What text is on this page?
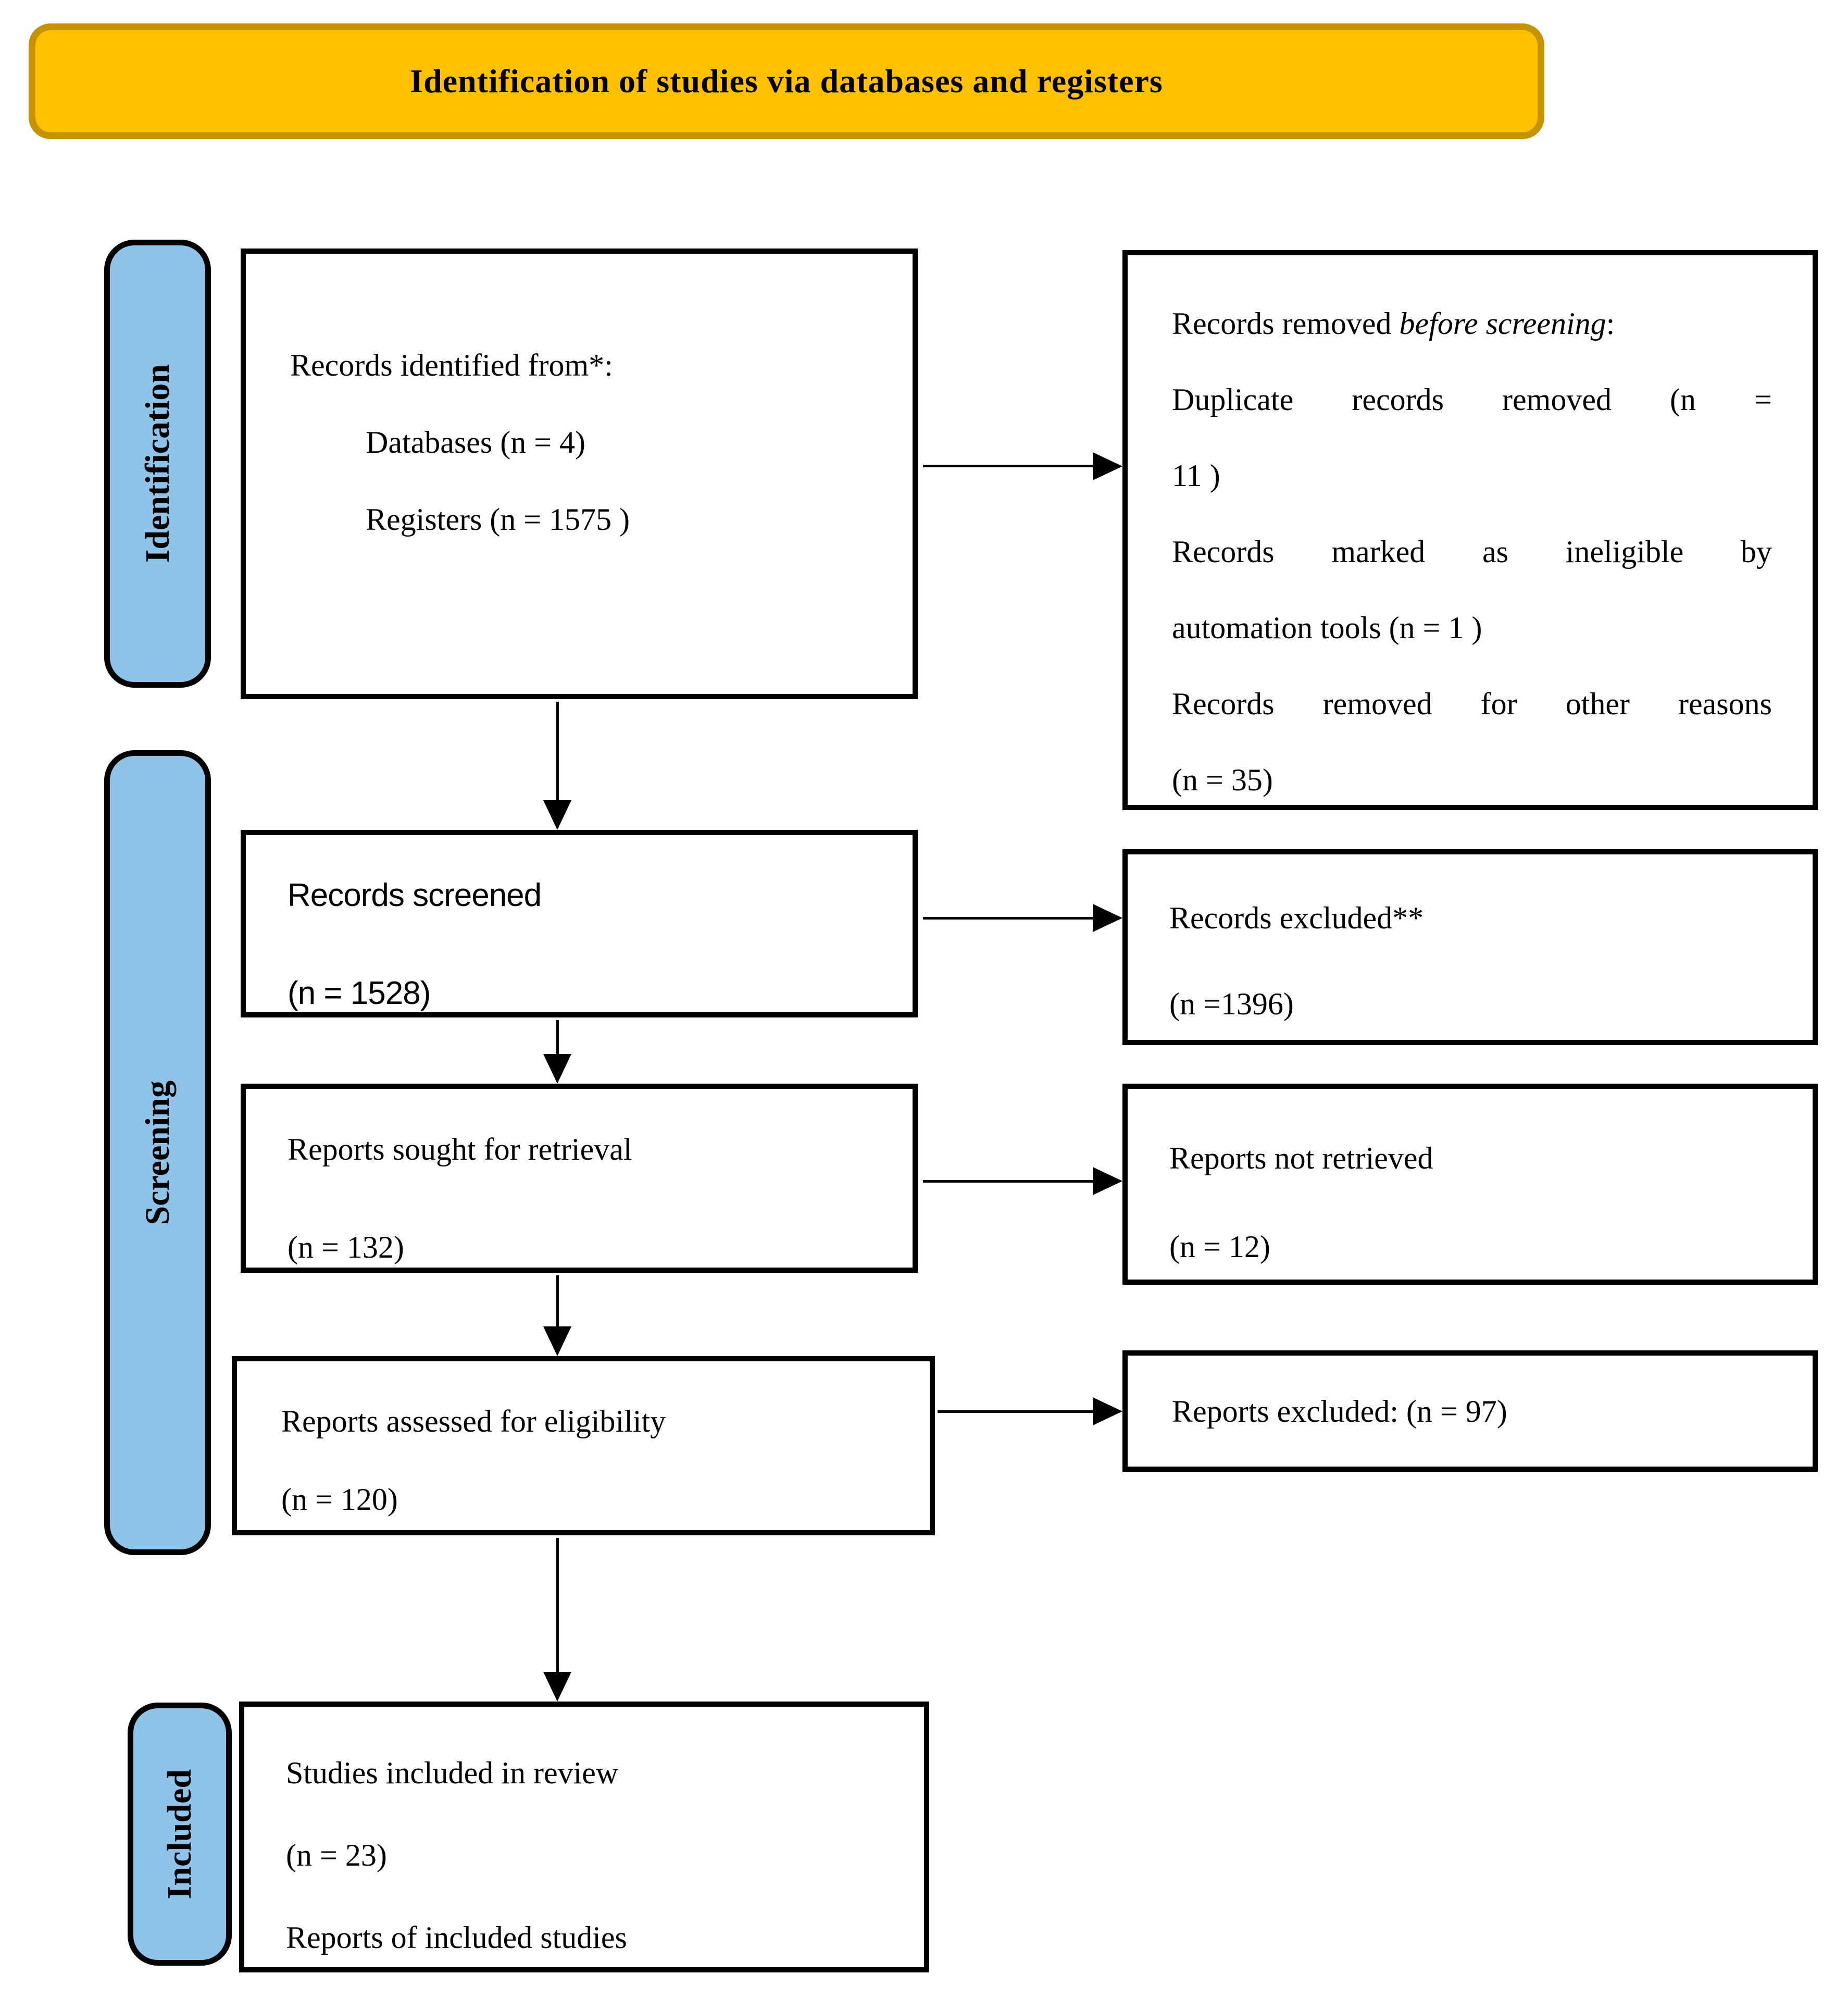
Identification of studies via databases and registers
Identification
Screening
Included
Records identified from*:
Databases (n = 4)
Registers (n = 1575 )
Records removed before screening:
Duplicate records removed (n =
11 )
Records marked as ineligible by
automation tools (n = 1 )
Records removed for other reasons
(n = 35)
Records screened
(n = 1528)
Records excluded**
(n =1396)
Reports sought for retrieval
(n = 132)
Reports not retrieved
(n = 12)
Reports assessed for eligibility
(n = 120)
Reports excluded: (n = 97)
Studies included in review
(n = 23)
Reports of included studies
